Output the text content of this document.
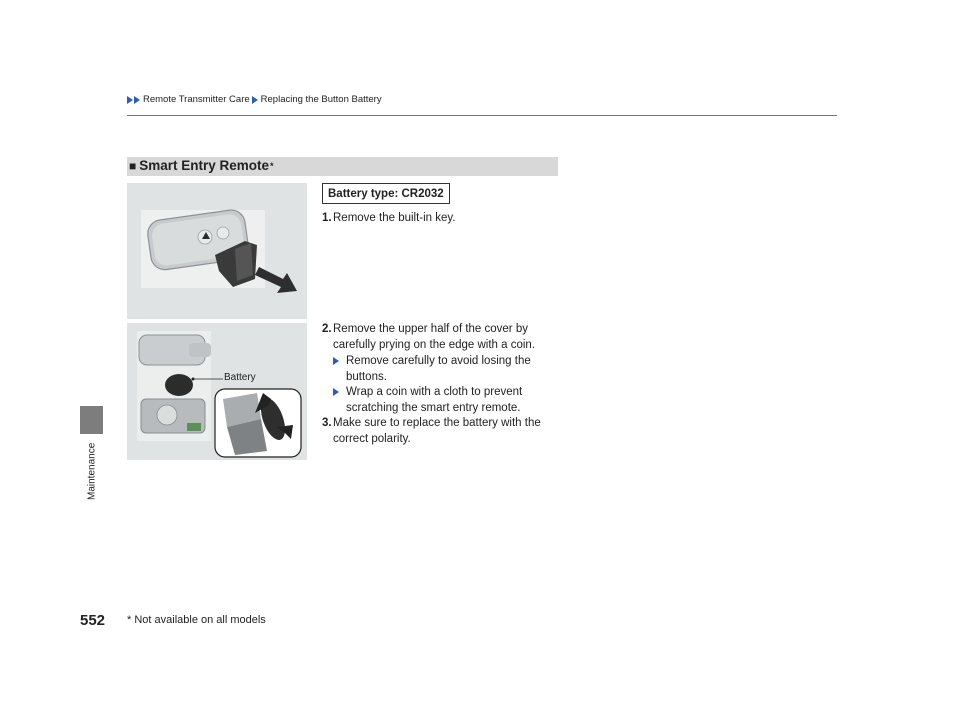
Maintenance
Remote Transmitter Care Replacing the Button Battery
■ Smart Entry Remote *
Battery
Battery type: CR2032
1. Remove the built-in key.
2. Remove the upper half of the cover by carefully prying on the edge with a coin.
Remove carefully to avoid losing the buttons.
Wrap a coin with a cloth to prevent scratching the smart entry remote.
3. Make sure to replace the battery with the correct polarity.
552 * Not available on all models
